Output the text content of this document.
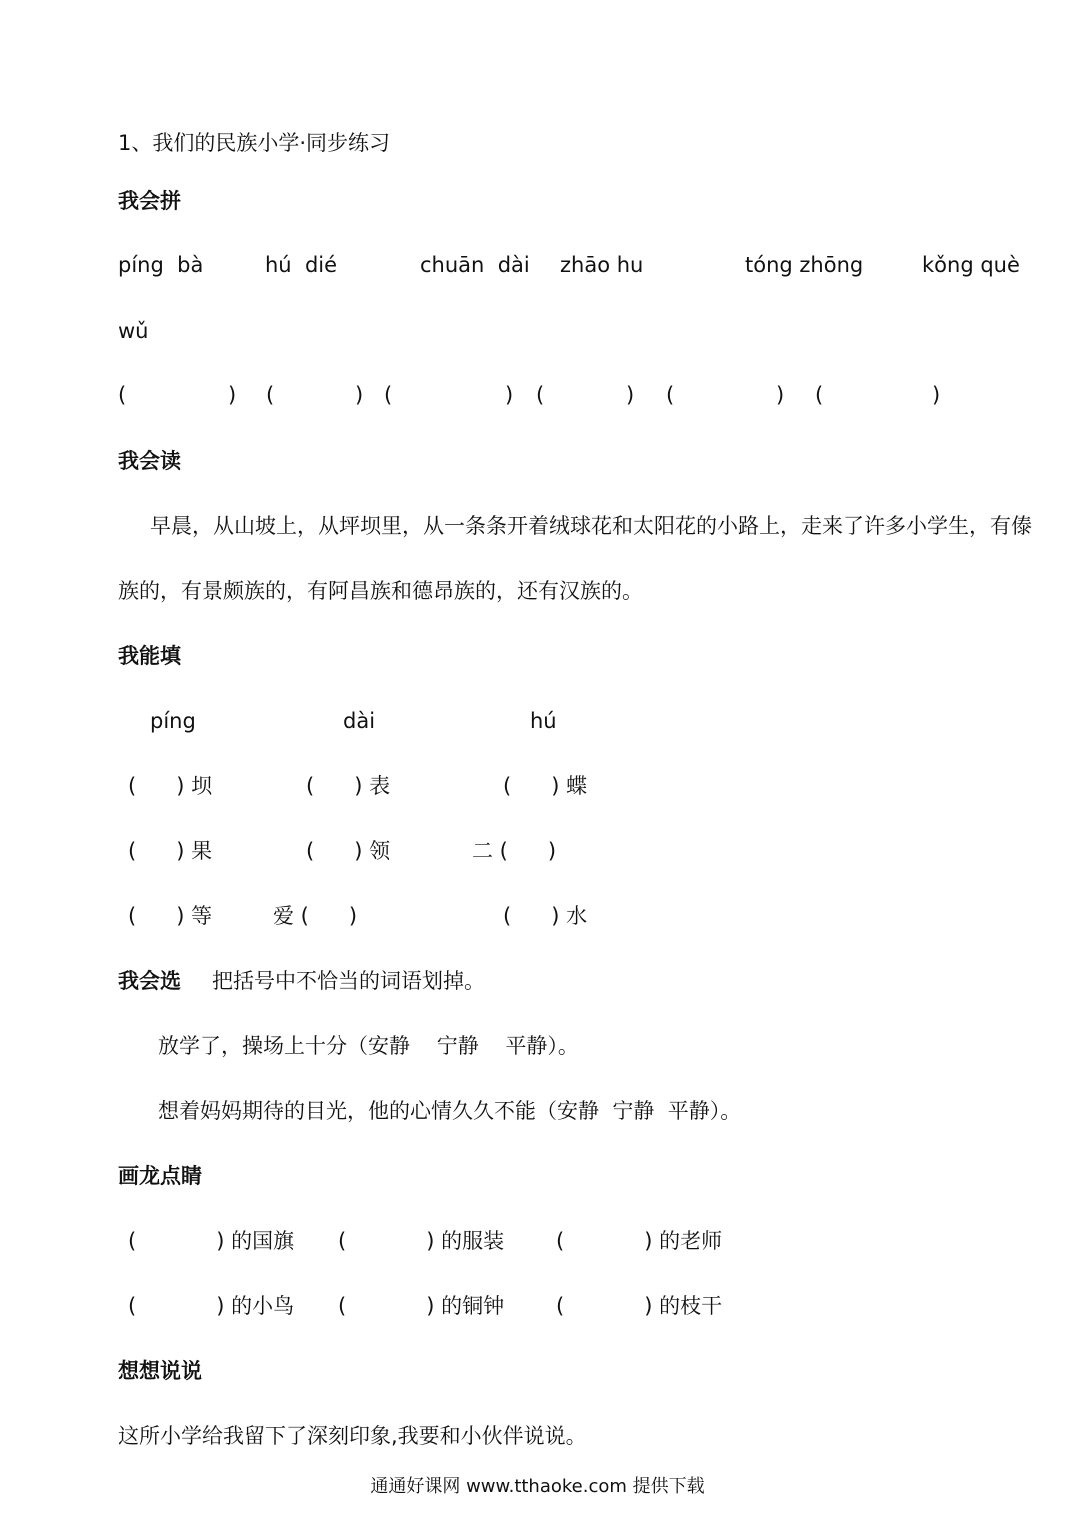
1、我们的民族小学·同步练习
我会拼
píng  bà	hú  dié	chuān  dài zhāo hu	tóng zhōng	kǒng què
wǔ
(	) (	) (	) (	) (	) (	)
我会读
早晨，从山坡上，从坪坝里，从一条条开着绒球花和太阳花的小路上，走来了许多小学生，有傣
族的，有景颇族的，有阿昌族和德昂族的，还有汉族的。
我能填
píng	dài	hú
(      ) 坝	(      ) 表	(      ) 蝶
(      ) 果	(      ) 领	二 (      )
(      ) 等	爱 (      )	(      ) 水
我会选 把括号中不恰当的词语划掉。
放学了，操场上十分（安静    宁静    平静）。
想着妈妈期待的目光，他的心情久久不能（安静  宁静  平静）。
画龙点睛
(            ) 的国旗 (            ) 的服装 (            ) 的老师
(            ) 的小鸟 (            ) 的铜钟 (            ) 的枝干
想想说说
这所小学给我留下了深刻印象,我要和小伙伴说说。
通通好课网 www.tthaoke.com 提供下载
